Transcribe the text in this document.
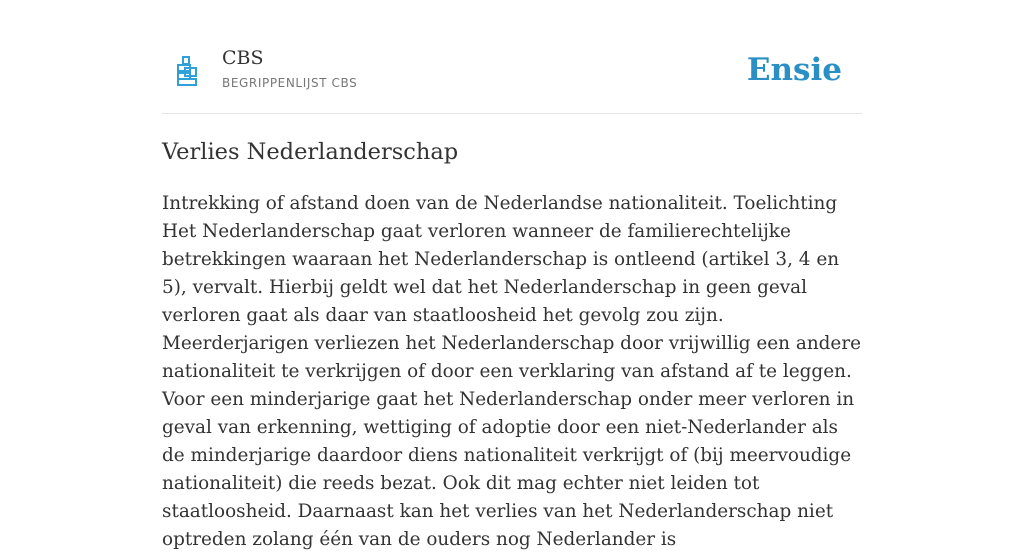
CBS
BEGRIPPENLIJST CBS	Ensie
Verlies Nederlanderschap

Intrekking of afstand doen van de Nederlandse nationaliteit. Toelichting Het Nederlanderschap gaat verloren wanneer de familierechtelijke betrekkingen waaraan het Nederlanderschap is ontleend (artikel 3, 4 en 5), vervalt. Hierbij geldt wel dat het Nederlanderschap in geen geval verloren gaat als daar van staatloosheid het gevolg zou zijn. Meerderjarigen verliezen het Nederlanderschap door vrijwillig een andere nationaliteit te verkrijgen of door een verklaring van afstand af te leggen. Voor een minderjarige gaat het Nederlanderschap onder meer verloren in geval van erkenning, wettiging of adoptie door een niet-Nederlander als de minderjarige daardoor diens nationaliteit verkrijgt of (bij meervoudige nationaliteit) die reeds bezat. Ook dit mag echter niet leiden tot staatloosheid. Daarnaast kan het verlies van het Nederlanderschap niet optreden zolang één van de ouders nog Nederlander is
